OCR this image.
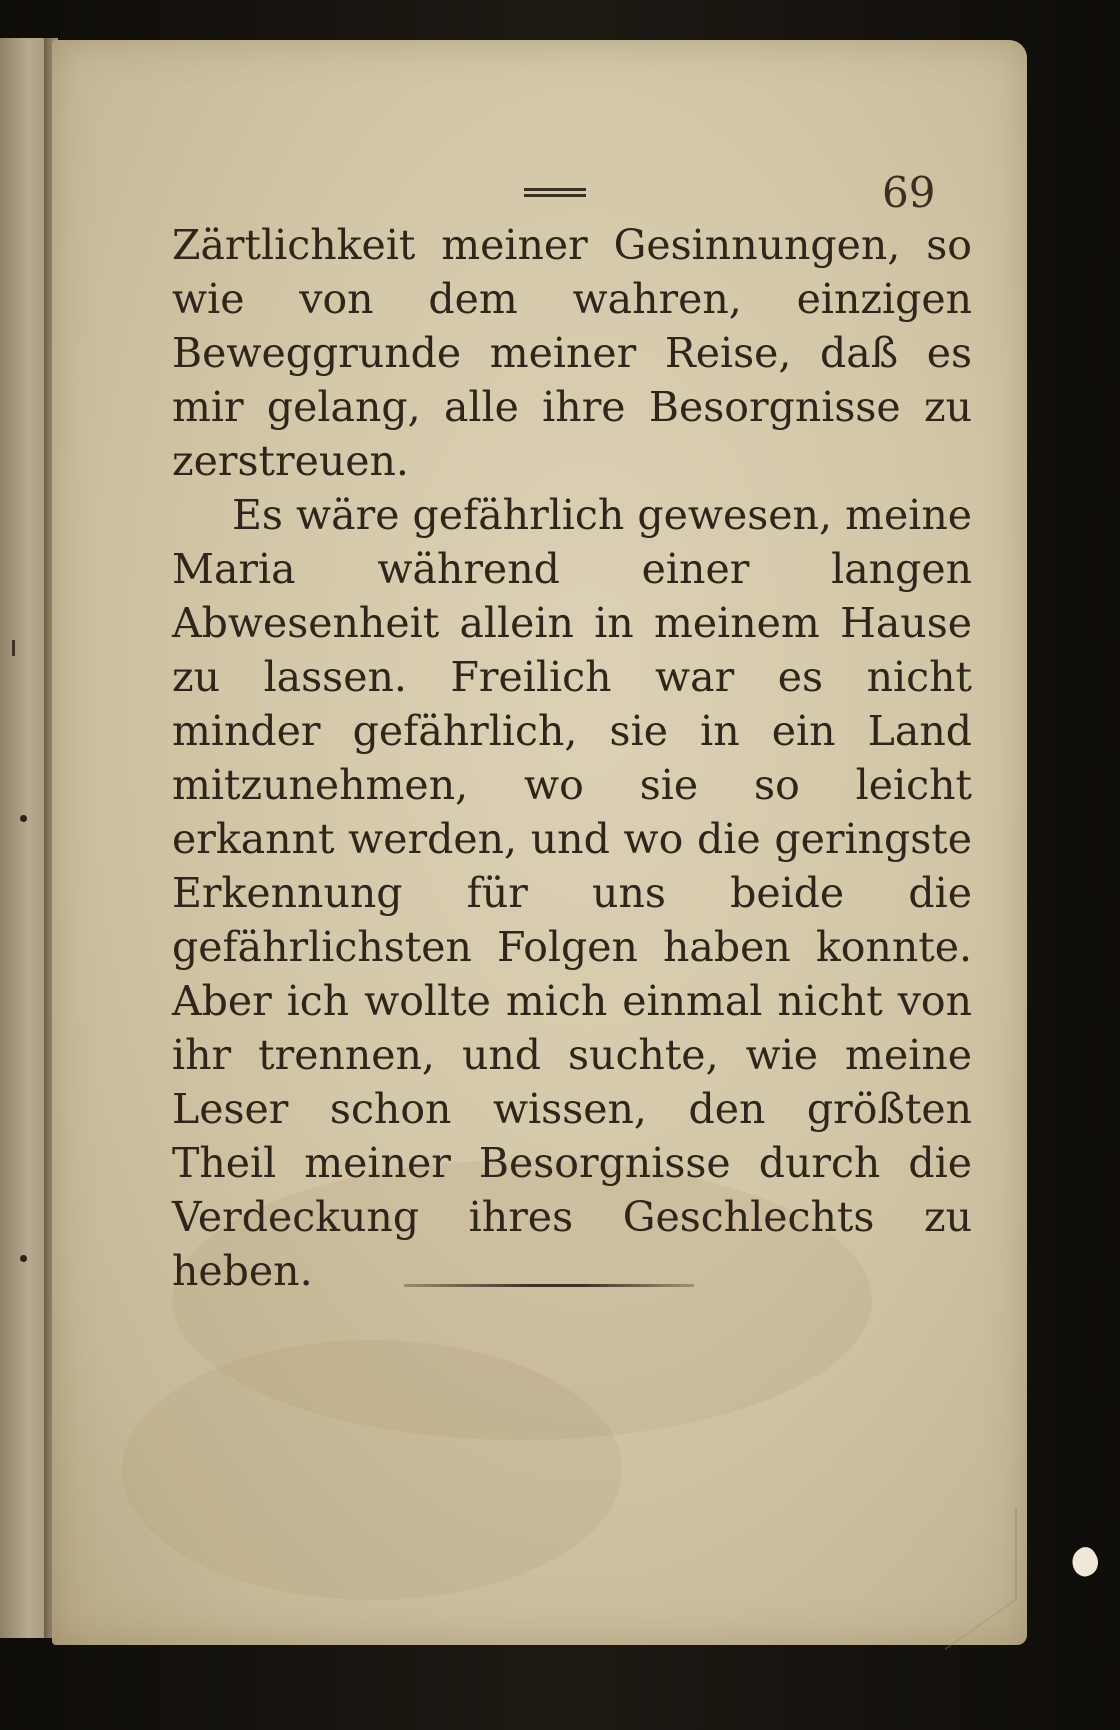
69

Zärtlichkeit meiner Gesinnungen, so wie von dem wahren, einzigen Beweggrunde meiner Reise, daß es mir gelang, alle ihre Besorgnisse zu zerstreuen.

Es wäre gefährlich gewesen, meine Maria während einer langen Abwesenheit allein in meinem Hause zu lassen. Freilich war es nicht minder gefährlich, sie in ein Land mitzunehmen, wo sie so leicht erkannt werden, und wo die geringste Erkennung für uns beide die gefährlichsten Folgen haben konnte. Aber ich wollte mich einmal nicht von ihr trennen, und suchte, wie meine Leser schon wissen, den größten Theil meiner Besorgnisse durch die Verdeckung ihres Geschlechts zu heben.
